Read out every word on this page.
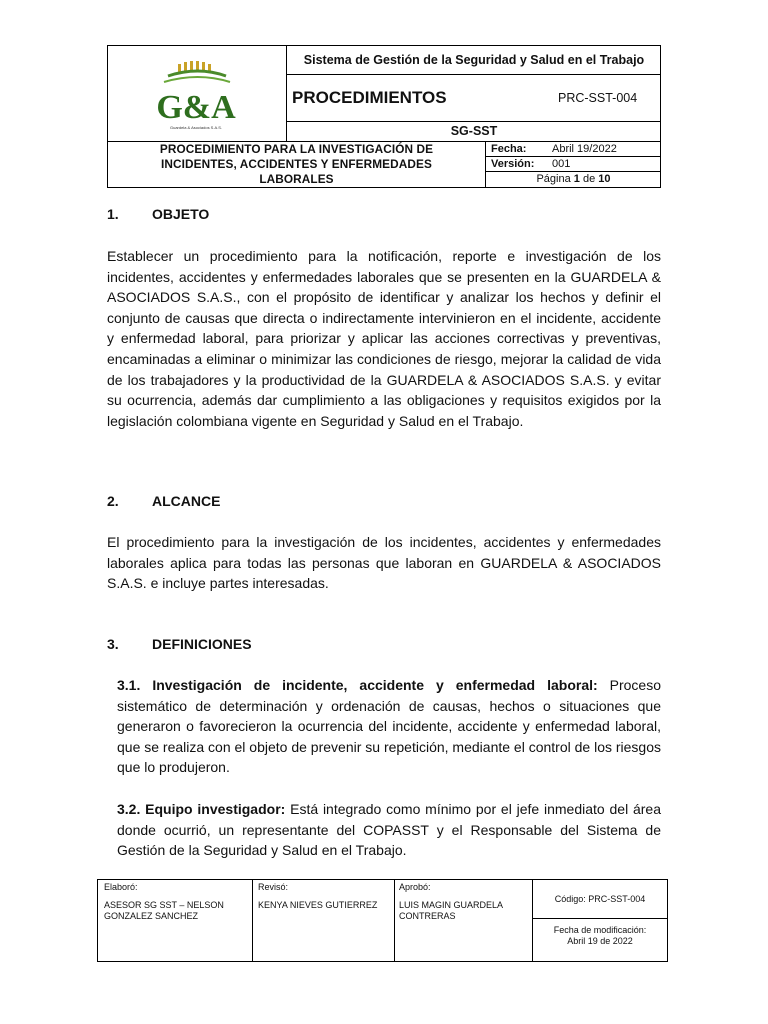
G&A
Guardela & Asociados S.A.S.
Sistema de Gestión de la Seguridad y Salud en el Trabajo
PROCEDIMIENTOS	PRC-SST-004
SG-SST
PROCEDIMIENTO PARA LA INVESTIGACIÓN DE
INCIDENTES, ACCIDENTES Y ENFERMEDADES
LABORALES
Fecha: Abril 19/2022
Versión: 001
Página 1 de 10
1. OBJETO
Establecer un procedimiento para la notificación, reporte e investigación de los incidentes, accidentes y enfermedades laborales que se presenten en la GUARDELA & ASOCIADOS S.A.S., con el propósito de identificar y analizar los hechos y definir el conjunto de causas que directa o indirectamente intervinieron en el incidente, accidente y enfermedad laboral, para priorizar y aplicar las acciones correctivas y preventivas, encaminadas a eliminar o minimizar las condiciones de riesgo, mejorar la calidad de vida de los trabajadores y la productividad de la GUARDELA & ASOCIADOS S.A.S. y evitar su ocurrencia, además dar cumplimiento a las obligaciones y requisitos exigidos por la legislación colombiana vigente en Seguridad y Salud en el Trabajo.
2. ALCANCE
El procedimiento para la investigación de los incidentes, accidentes y enfermedades laborales aplica para todas las personas que laboran en GUARDELA & ASOCIADOS S.A.S. e incluye partes interesadas.
3. DEFINICIONES
3.1. Investigación de incidente, accidente y enfermedad laboral: Proceso sistemático de determinación y ordenación de causas, hechos o situaciones que generaron o favorecieron la ocurrencia del incidente, accidente y enfermedad laboral, que se realiza con el objeto de prevenir su repetición, mediante el control de los riesgos que lo produjeron.
3.2. Equipo investigador: Está integrado como mínimo por el jefe inmediato del área donde ocurrió, un representante del COPASST y el Responsable del Sistema de Gestión de la Seguridad y Salud en el Trabajo.
Elaboró:
ASESOR SG SST – NELSON GONZALEZ SANCHEZ
Revisó:
KENYA NIEVES GUTIERREZ
Aprobó:
LUIS MAGIN GUARDELA CONTRERAS
Código: PRC-SST-004
Fecha de modificación:
Abril 19 de 2022
